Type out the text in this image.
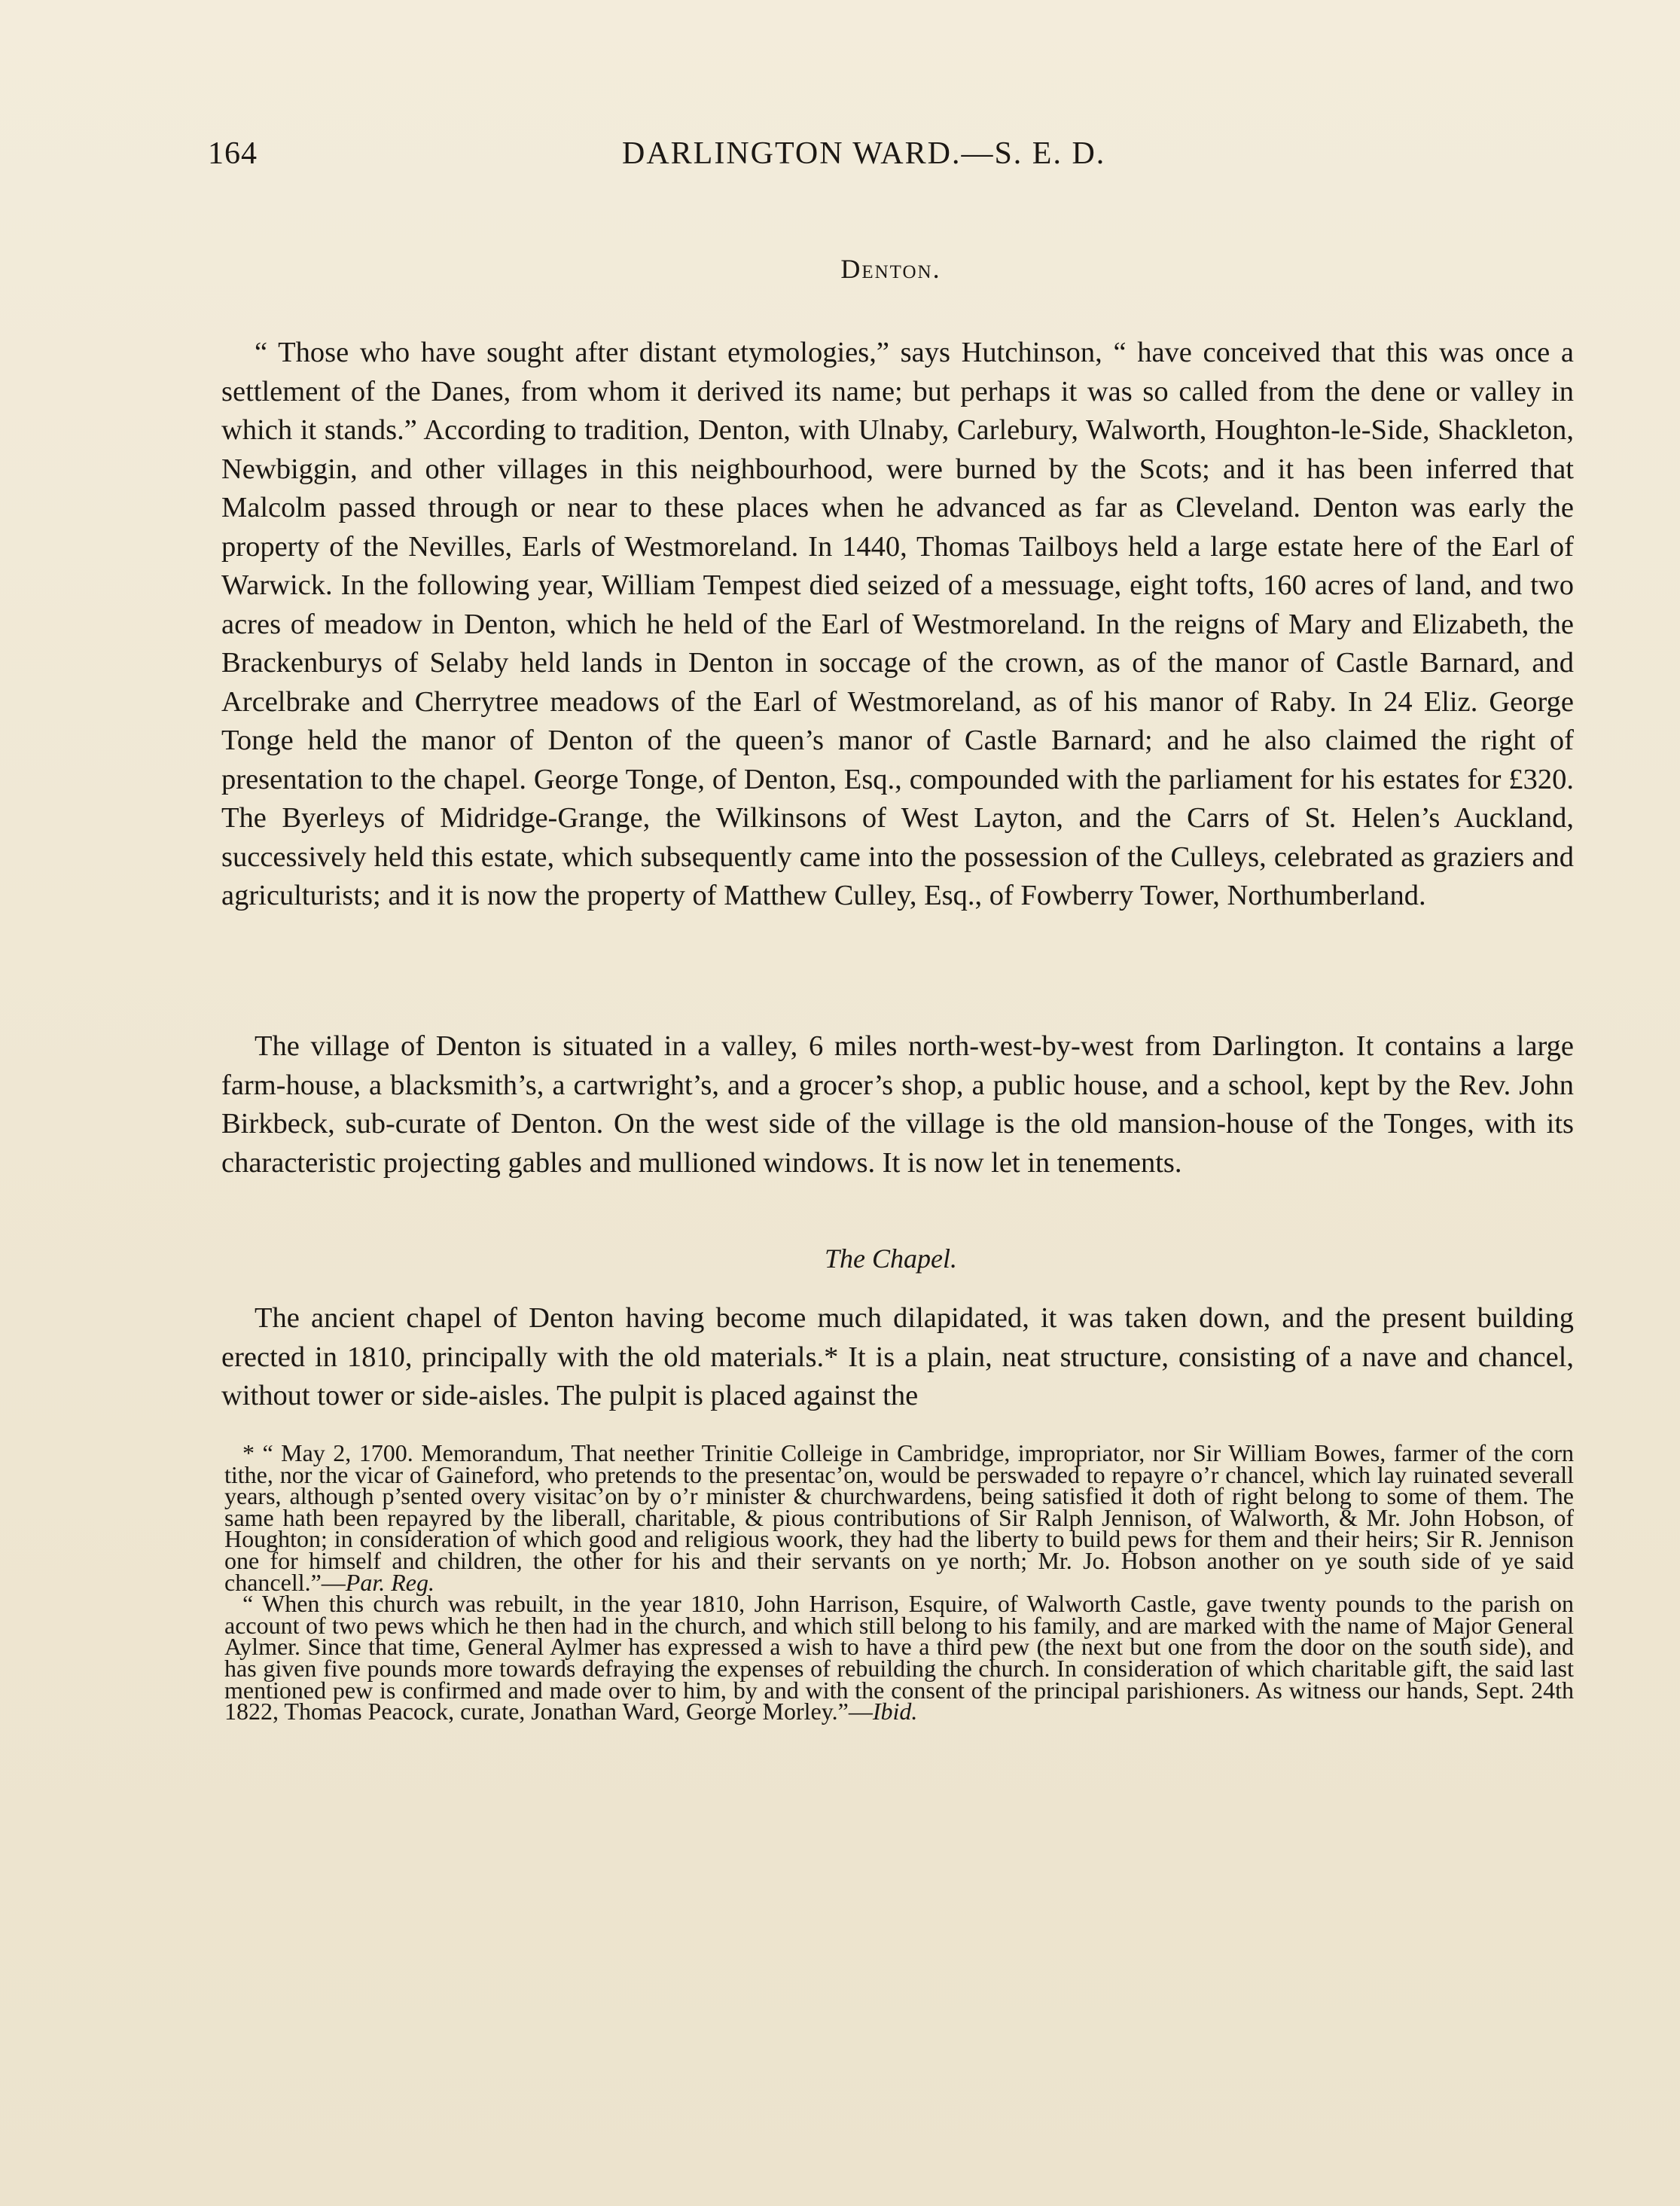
164	DARLINGTON WARD.—S. E. D.
Denton.

“ Those who have sought after distant etymologies,” says Hutchinson, “ have conceived that this was once a settlement of the Danes, from whom it derived its name; but perhaps it was so called from the dene or valley in which it stands.” According to tradition, Denton, with Ulnaby, Carlebury, Walworth, Houghton-le-Side, Shackleton, Newbiggin, and other villages in this neighbourhood, were burned by the Scots; and it has been inferred that Malcolm passed through or near to these places when he advanced as far as Cleveland. Denton was early the property of the Nevilles, Earls of Westmoreland. In 1440, Thomas Tailboys held a large estate here of the Earl of Warwick. In the following year, William Tempest died seized of a messuage, eight tofts, 160 acres of land, and two acres of meadow in Denton, which he held of the Earl of Westmoreland. In the reigns of Mary and Elizabeth, the Brackenburys of Selaby held lands in Denton in soccage of the crown, as of the manor of Castle Barnard, and Arcelbrake and Cherrytree meadows of the Earl of Westmoreland, as of his manor of Raby. In 24 Eliz. George Tonge held the manor of Denton of the queen’s manor of Castle Barnard; and he also claimed the right of presentation to the chapel. George Tonge, of Denton, Esq., compounded with the parliament for his estates for £320. The Byerleys of Midridge-Grange, the Wilkinsons of West Layton, and the Carrs of St. Helen’s Auckland, successively held this estate, which subsequently came into the possession of the Culleys, celebrated as graziers and agriculturists; and it is now the property of Matthew Culley, Esq., of Fowberry Tower, Northumberland.

The village of Denton is situated in a valley, 6 miles north-west-by-west from Darlington. It contains a large farm-house, a blacksmith’s, a cartwright’s, and a grocer’s shop, a public house, and a school, kept by the Rev. John Birkbeck, sub-curate of Denton. On the west side of the village is the old mansion-house of the Tonges, with its characteristic projecting gables and mullioned windows. It is now let in tenements.

The Chapel.

The ancient chapel of Denton having become much dilapidated, it was taken down, and the present building erected in 1810, principally with the old materials.* It is a plain, neat structure, consisting of a nave and chancel, without tower or side-aisles. The pulpit is placed against the

* “ May 2, 1700. Memorandum, That neether Trinitie Colleige in Cambridge, impropriator, nor Sir William Bowes, farmer of the corn tithe, nor the vicar of Gaineford, who pretends to the presentac’on, would be perswaded to repayre o’r chancel, which lay ruinated severall years, although p’sented overy visitac’on by o’r minister & churchwardens, being satisfied it doth of right belong to some of them. The same hath been repayred by the liberall, charitable, & pious contributions of Sir Ralph Jennison, of Walworth, & Mr. John Hobson, of Houghton; in consideration of which good and religious woork, they had the liberty to build pews for them and their heirs; Sir R. Jennison one for himself and children, the other for his and their servants on ye north; Mr. Jo. Hobson another on ye south side of ye said chancell.”—Par. Reg.

“ When this church was rebuilt, in the year 1810, John Harrison, Esquire, of Walworth Castle, gave twenty pounds to the parish on account of two pews which he then had in the church, and which still belong to his family, and are marked with the name of Major General Aylmer. Since that time, General Aylmer has expressed a wish to have a third pew (the next but one from the door on the south side), and has given five pounds more towards defraying the expenses of rebuilding the church. In consideration of which charitable gift, the said last mentioned pew is confirmed and made over to him, by and with the consent of the principal parishioners. As witness our hands, Sept. 24th 1822, Thomas Peacock, curate, Jonathan Ward, George Morley.”—Ibid.
